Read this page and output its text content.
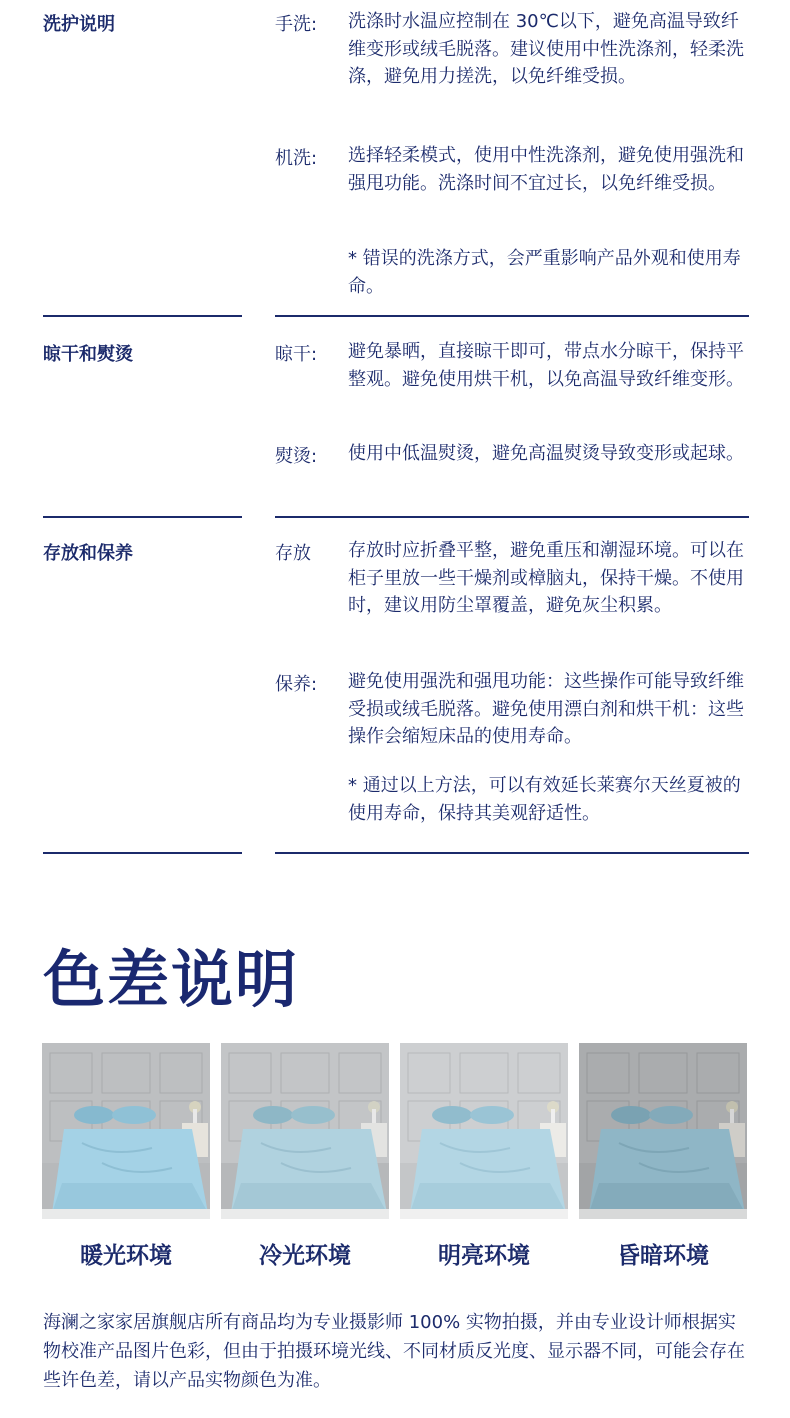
洗护说明	手洗: 洗涤时水温应控制在 30℃以下，避免高温导致纤维变形或绒毛脱落。建议使用中性洗涤剂，轻柔洗涤，避免用力搓洗，以免纤维受损。
机洗: 选择轻柔模式，使用中性洗涤剂，避免使用强洗和强甩功能。洗涤时间不宜过长，以免纤维受损。
* 错误的洗涤方式，会严重影响产品外观和使用寿命。
晾干和熨烫	晾干: 避免暴晒，直接晾干即可，带点水分晾干，保持平整观。避免使用烘干机，以免高温导致纤维变形。
熨烫: 使用中低温熨烫，避免高温熨烫导致变形或起球。
存放和保养	存放 存放时应折叠平整，避免重压和潮湿环境。可以在柜子里放一些干燥剂或樟脑丸，保持干燥。不使用时，建议用防尘罩覆盖，避免灰尘积累。
保养: 避免使用强洗和强甩功能：这些操作可能导致纤维受损或绒毛脱落。避免使用漂白剂和烘干机：这些操作会缩短床品的使用寿命。
* 通过以上方法，可以有效延长莱赛尔天丝夏被的使用寿命，保持其美观舒适性。
色差说明
暖光环境	冷光环境	明亮环境	昏暗环境
海澜之家家居旗舰店所有商品均为专业摄影师 100% 实物拍摄，并由专业设计师根据实物校准产品图片色彩，但由于拍摄环境光线、不同材质反光度、显示器不同，可能会存在些许色差，请以产品实物颜色为准。
